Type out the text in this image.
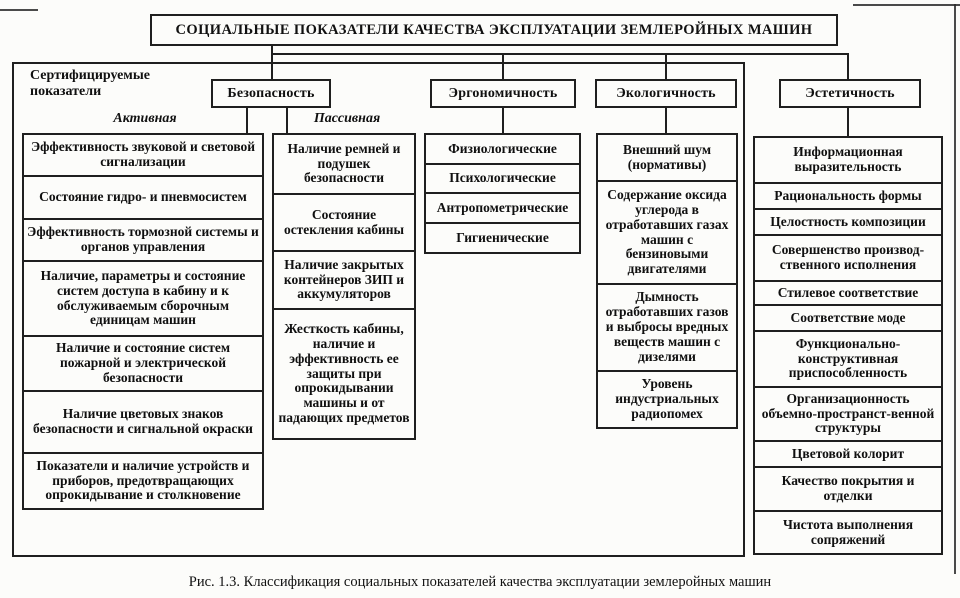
СОЦИАЛЬНЫЕ ПОКАЗАТЕЛИ КАЧЕСТВА ЭКСПЛУАТАЦИИ ЗЕМЛЕРОЙНЫХ МАШИН
Сертифицируемые показатели	Безопасность	Эргономичность	Экологичность	Эстетичность
Активная	Пассивная
Эффективность звуковой и световой сигнализации
Состояние гидро- и пневмосистем
Эффективность тормозной системы и органов управления
Наличие, параметры и состояние систем доступа в кабину и к обслуживаемым сборочным единицам машин
Наличие и состояние систем пожарной и электрической безопасности
Наличие цветовых знаков безопасности и сигнальной окраски
Показатели и наличие устройств и приборов, предотвращающих опрокидывание и столкновение
Наличие ремней и подушек безопасности
Состояние остекления кабины
Наличие закрытых контейнеров ЗИП и аккумуляторов
Жесткость кабины, наличие и эффективность ее защиты при опрокидывании машины и от падающих предметов
Физиологические
Психологические
Антропометрические
Гигиенические
Внешний шум (нормативы)
Содержание оксида углерода в отработавших газах машин с бензиновыми двигателями
Дымность отработавших газов и выбросы вредных веществ машин с дизелями
Уровень индустриальных радиопомех
Информационная выразительность
Рациональность формы
Целостность композиции
Совершенство производ-ственного исполнения
Стилевое соответствие
Соответствие моде
Функционально-конструктивная приспособленность
Организационность объемно-пространст-венной структуры
Цветовой колорит
Качество покрытия и отделки
Чистота выполнения сопряжений
Рис. 1.3. Классификация социальных показателей качества эксплуатации землеройных машин
